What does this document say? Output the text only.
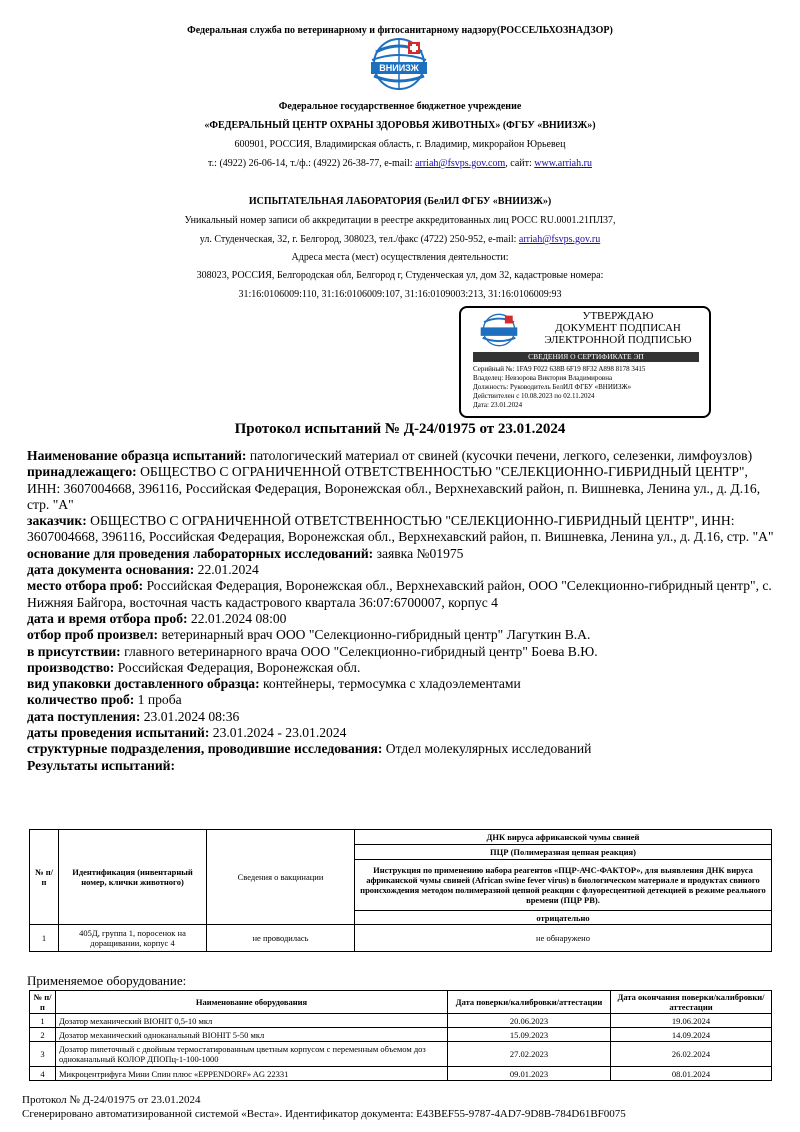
Федеральная служба по ветеринарному и фитосанитарному надзору(РОССЕЛЬХОЗНАДЗОР)
ВНИИЗЖ
Федеральное государственное бюджетное учреждение
«ФЕДЕРАЛЬНЫЙ ЦЕНТР ОХРАНЫ ЗДОРОВЬЯ ЖИВОТНЫХ» (ФГБУ «ВНИИЗЖ»)
600901, РОССИЯ, Владимирская область, г. Владимир, микрорайон Юрьевец
т.: (4922) 26-06-14, т./ф.: (4922) 26-38-77, e-mail: arriah@fsvps.gov.com, сайт: www.arriah.ru
ИСПЫТАТЕЛЬНАЯ ЛАБОРАТОРИЯ (БелИЛ ФГБУ «ВНИИЗЖ»)
Уникальный номер записи об аккредитации в реестре аккредитованных лиц РОСС RU.0001.21ПЛ37,
ул. Студенческая, 32, г. Белгород, 308023, тел./факс (4722) 250-952, e-mail: arriah@fsvps.gov.ru
Адреса места (мест) осуществления деятельности:
308023, РОССИЯ, Белгородская обл, Белгород г, Студенческая ул, дом 32, кадастровые номера:
31:16:0106009:110, 31:16:0106009:107, 31:16:0109003:213, 31:16:0106009:93
УТВЕРЖДАЮ
ДОКУМЕНТ ПОДПИСАН
ЭЛЕКТРОННОЙ ПОДПИСЬЮ
СВЕДЕНИЯ О СЕРТИФИКАТЕ ЭП
Серийный №: 1FA9 F022 638B 6F19 8F32 A898 8178 3415
Владелец: Невзорова Виктория Владимировна
Должность: Руководитель БелИЛ ФГБУ «ВНИИЗЖ»
Действителен с 10.08.2023 по 02.11.2024
Дата: 23.01.2024
Протокол испытаний № Д-24/01975 от 23.01.2024

Наименование образца испытаний: патологический материал от свиней (кусочки печени, легкого, селезенки, лимфоузлов)

принадлежащего: ОБЩЕСТВО С ОГРАНИЧЕННОЙ ОТВЕТСТВЕННОСТЬЮ "СЕЛЕКЦИОННО-ГИБРИДНЫЙ ЦЕНТР", ИНН: 3607004668, 396116, Российская Федерация, Воронежская обл., Верхнехавский район, п. Вишневка, Ленина ул., д. Д.16, стр. "А"

заказчик: ОБЩЕСТВО С ОГРАНИЧЕННОЙ ОТВЕТСТВЕННОСТЬЮ "СЕЛЕКЦИОННО-ГИБРИДНЫЙ ЦЕНТР", ИНН: 3607004668, 396116, Российская Федерация, Воронежская обл., Верхнехавский район, п. Вишневка, Ленина ул., д. Д.16, стр. "А"

основание для проведения лабораторных исследований: заявка №01975

дата документа основания: 22.01.2024

место отбора проб: Российская Федерация, Воронежская обл., Верхнехавский район, ООО "Селекционно-гибридный центр", с. Нижняя Байгора, восточная часть кадастрового квартала 36:07:6700007, корпус 4

дата и время отбора проб: 22.01.2024 08:00

отбор проб произвел: ветеринарный врач ООО "Селекционно-гибридный центр" Лагуткин В.А.

в присутствии: главного ветеринарного врача ООО "Селекционно-гибридный центр" Боева В.Ю.

производство: Российская Федерация, Воронежская обл.

вид упаковки доставленного образца: контейнеры, термосумка с хладоэлементами

количество проб: 1 проба

дата поступления: 23.01.2024 08:36

даты проведения испытаний: 23.01.2024 - 23.01.2024

структурные подразделения, проводившие исследования: Отдел молекулярных исследований

Результаты испытаний:

№ п/п	Идентификация (инвентарный номер, клички животного)	Сведения о вакцинации	ДНК вируса африканской чумы свиней
			ПЦР (Полимеразная цепная реакция)
			Инструкция по применению набора реагентов «ПЦР-АЧС-ФАКТОР», для выявления ДНК вируса африканской чумы свиней (African swine fever virus) в биологическом материале и продуктах свиного происхождения методом полимеразной цепной реакции с флуоресцентной детекцией в режиме реального времени (ПЦР РВ).
			отрицательно
1	405Д, группа 1, поросенок на доращивании, корпус 4	не проводилась	не обнаружено
Применяемое оборудование:
№ п/п	Наименование оборудования	Дата поверки/калибровки/аттестации	Дата окончания поверки/калибровки/аттестации
1	Дозатор механический BIOHIT 0,5-10 мкл	20.06.2023	19.06.2024
2	Дозатор механический одноканальный BIOHIT 5-50 мкл	15.09.2023	14.09.2024
3	Дозатор пипеточный с двойным термостатированным цветным корпусом с переменным объемом доз одноканальный КОЛОР ДПОПц-1-100-1000	27.02.2023	26.02.2024
4	Микроцентрифуга Мини Спин плюс «EPPENDORF» AG 22331	09.01.2023	08.01.2024
Протокол № Д-24/01975 от 23.01.2024
Сгенерировано автоматизированной системой «Веста». Идентификатор документа: E43BEF55-9787-4AD7-9D8B-784D61BF0075
